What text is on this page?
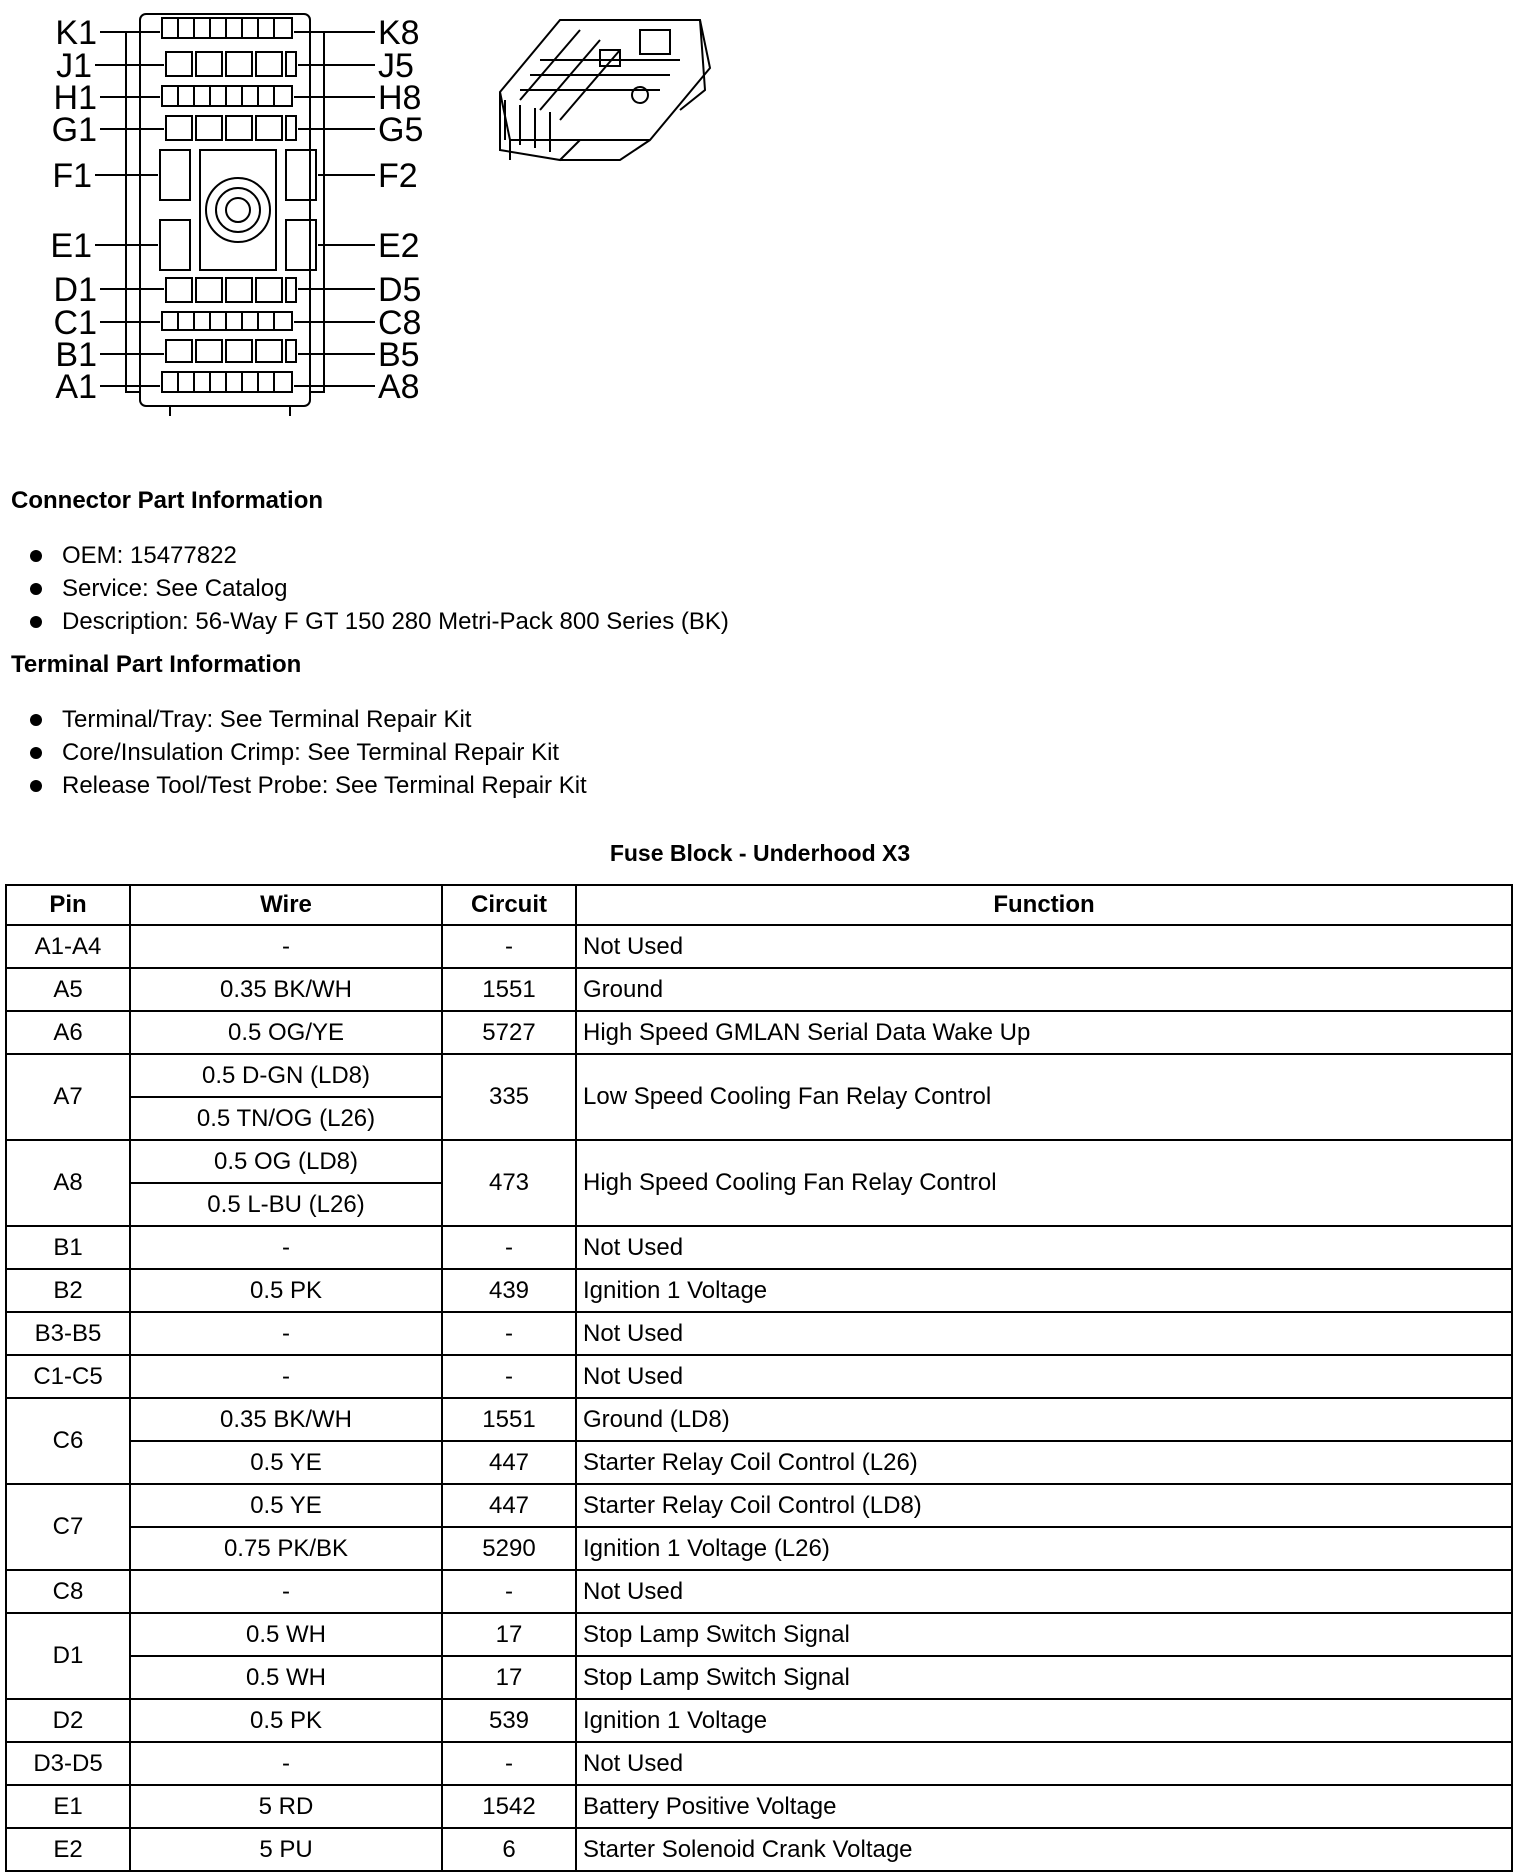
K1
J1
H1
G1
F1
E1
D1
C1
B1
A1
K8
J5
H8
G5
F2
E2
D5
C8
B5
A8
Connector Part Information
OEM: 15477822
Service: See Catalog
Description: 56-Way F GT 150 280 Metri-Pack 800 Series (BK)
Terminal Part Information
Terminal/Tray: See Terminal Repair Kit
Core/Insulation Crimp: See Terminal Repair Kit
Release Tool/Test Probe: See Terminal Repair Kit
Fuse Block - Underhood X3
Pin	Wire	Circuit	Function
A1-A4	-	-	Not Used
A5	0.35 BK/WH	1551	Ground
A6	0.5 OG/YE	5727	High Speed GMLAN Serial Data Wake Up
A7	0.5 D-GN (LD8)	335	Low Speed Cooling Fan Relay Control
	0.5 TN/OG (L26)		
A8	0.5 OG (LD8)	473	High Speed Cooling Fan Relay Control
	0.5 L-BU (L26)		
B1	-	-	Not Used
B2	0.5 PK	439	Ignition 1 Voltage
B3-B5	-	-	Not Used
C1-C5	-	-	Not Used
C6	0.35 BK/WH	1551	Ground (LD8)
	0.5 YE	447	Starter Relay Coil Control (L26)
C7	0.5 YE	447	Starter Relay Coil Control (LD8)
	0.75 PK/BK	5290	Ignition 1 Voltage (L26)
C8	-	-	Not Used
D1	0.5 WH	17	Stop Lamp Switch Signal
	0.5 WH	17	Stop Lamp Switch Signal
D2	0.5 PK	539	Ignition 1 Voltage
D3-D5	-	-	Not Used
E1	5 RD	1542	Battery Positive Voltage
E2	5 PU	6	Starter Solenoid Crank Voltage
